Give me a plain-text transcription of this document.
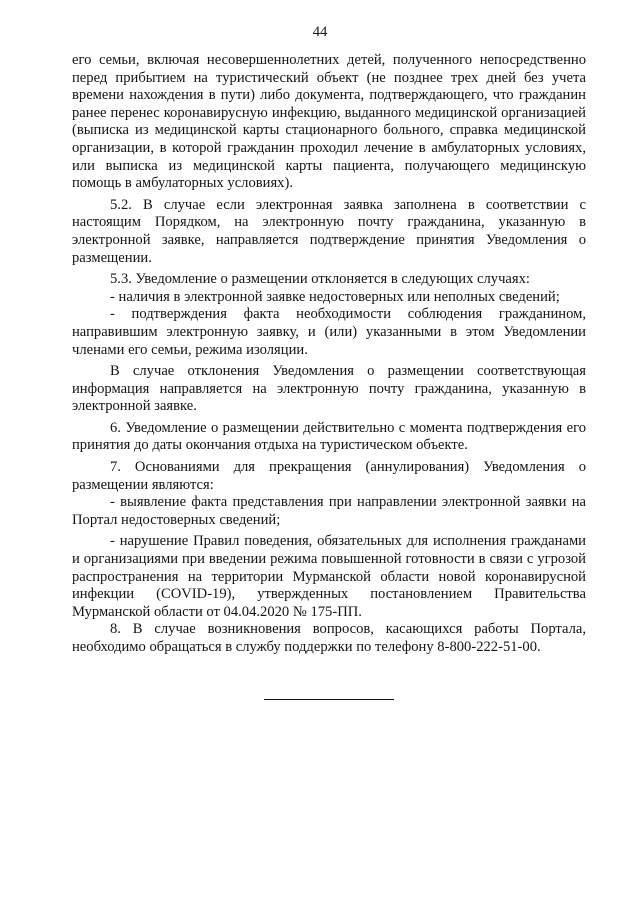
44

его семьи, включая несовершеннолетних детей, полученного непосредственно перед прибытием на туристический объект (не позднее трех дней без учета времени нахождения в пути) либо документа, подтверждающего, что гражданин ранее перенес коронавирусную инфекцию, выданного медицинской организацией (выписка из медицинской карты стационарного больного, справка медицинской организации, в которой гражданин проходил лечение в амбулаторных условиях, или выписка из медицинской карты пациента, получающего медицинскую помощь в амбулаторных условиях).

5.2. В случае если электронная заявка заполнена в соответствии с настоящим Порядком, на электронную почту гражданина, указанную в электронной заявке, направляется подтверждение принятия Уведомления о размещении.

5.3. Уведомление о размещении отклоняется в следующих случаях:

- наличия в электронной заявке недостоверных или неполных сведений;

- подтверждения факта необходимости соблюдения гражданином, направившим электронную заявку, и (или) указанными в этом Уведомлении членами его семьи, режима изоляции.

В случае отклонения Уведомления о размещении соответствующая информация направляется на электронную почту гражданина, указанную в электронной заявке.

6. Уведомление о размещении действительно с момента подтверждения его принятия до даты окончания отдыха на туристическом объекте.

7. Основаниями для прекращения (аннулирования) Уведомления о размещении являются:

- выявление факта представления при направлении электронной заявки на Портал недостоверных сведений;

- нарушение Правил поведения, обязательных для исполнения гражданами и организациями при введении режима повышенной готовности в связи с угрозой распространения на территории Мурманской области новой коронавирусной инфекции (COVID-19), утвержденных постановлением Правительства Мурманской области от 04.04.2020 № 175-ПП.

8. В случае возникновения вопросов, касающихся работы Портала, необходимо обращаться в службу поддержки по телефону 8-800-222-51-00.
